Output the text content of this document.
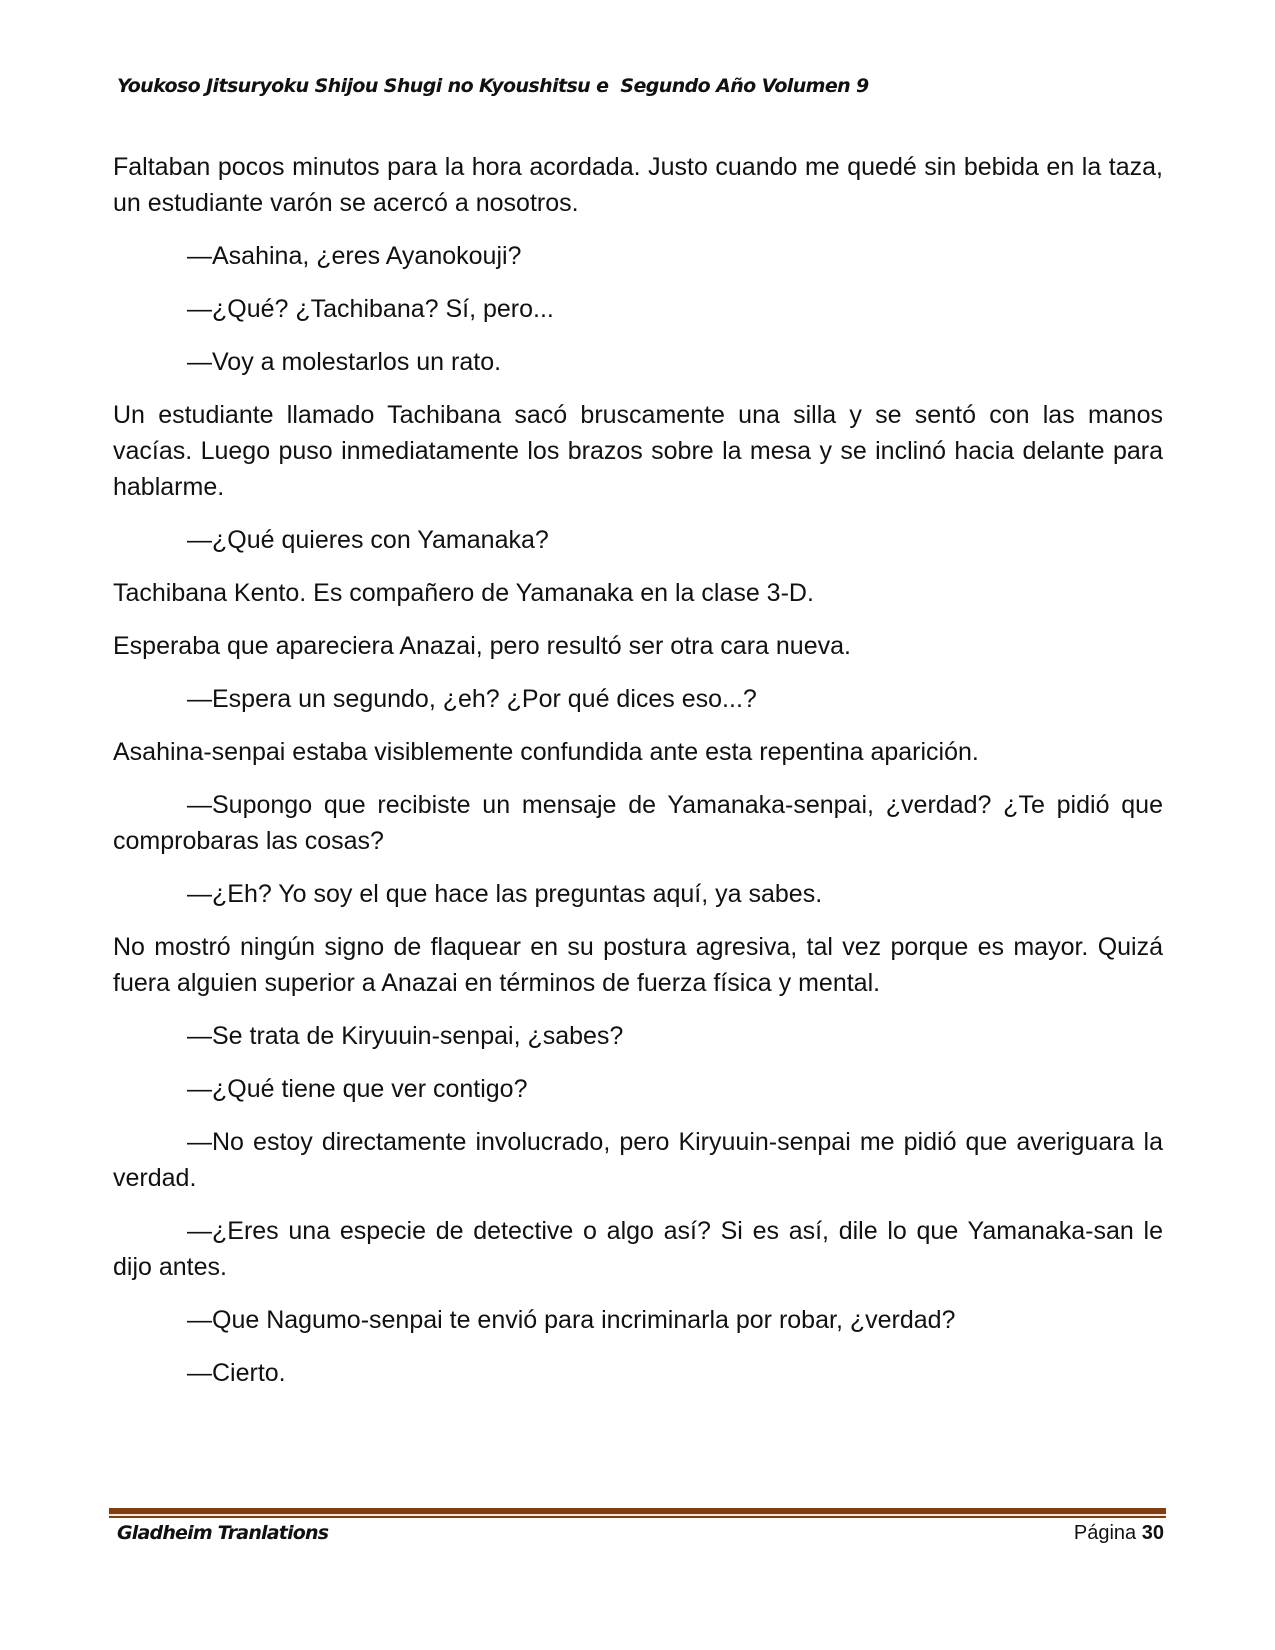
Youkoso Jitsuryoku Shijou Shugi no Kyoushitsu e  Segundo Año Volumen 9

Faltaban pocos minutos para la hora acordada. Justo cuando me quedé sin bebida en la taza, un estudiante varón se acercó a nosotros.

—Asahina, ¿eres Ayanokouji?

—¿Qué? ¿Tachibana? Sí, pero...

—Voy a molestarlos un rato.

Un estudiante llamado Tachibana sacó bruscamente una silla y se sentó con las manos vacías. Luego puso inmediatamente los brazos sobre la mesa y se inclinó hacia delante para hablarme.

—¿Qué quieres con Yamanaka?

Tachibana Kento. Es compañero de Yamanaka en la clase 3-D.

Esperaba que apareciera Anazai, pero resultó ser otra cara nueva.

—Espera un segundo, ¿eh? ¿Por qué dices eso...?

Asahina-senpai estaba visiblemente confundida ante esta repentina aparición.

—Supongo que recibiste un mensaje de Yamanaka-senpai, ¿verdad? ¿Te pidió que comprobaras las cosas?

—¿Eh? Yo soy el que hace las preguntas aquí, ya sabes.

No mostró ningún signo de flaquear en su postura agresiva, tal vez porque es mayor. Quizá fuera alguien superior a Anazai en términos de fuerza física y mental.

—Se trata de Kiryuuin-senpai, ¿sabes?

—¿Qué tiene que ver contigo?

—No estoy directamente involucrado, pero Kiryuuin-senpai me pidió que averiguara la verdad.

—¿Eres una especie de detective o algo así? Si es así, dile lo que Yamanaka-san le dijo antes.

—Que Nagumo-senpai te envió para incriminarla por robar, ¿verdad?

—Cierto.

Gladheim Tranlations	Página 30
